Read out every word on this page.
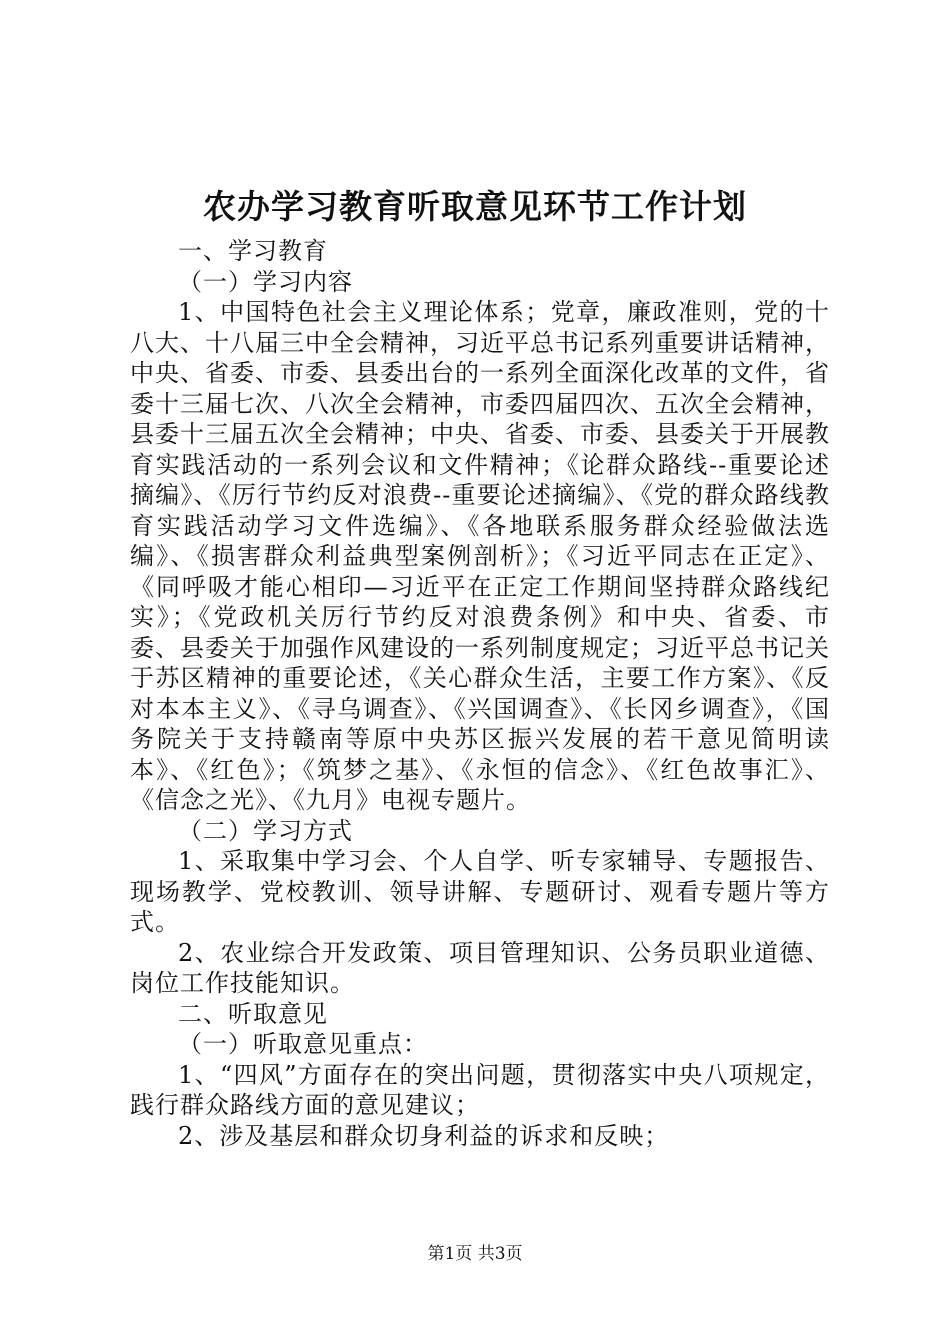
农办学习教育听取意见环节工作计划

一、学习教育

（一）学习内容

1、中国特色社会主义理论体系；党章，廉政准则，党的十八大、十八届三中全会精神，习近平总书记系列重要讲话精神，中央、省委、市委、县委出台的一系列全面深化改革的文件，省委十三届七次、八次全会精神，市委四届四次、五次全会精神，县委十三届五次全会精神；中央、省委、市委、县委关于开展教育实践活动的一系列会议和文件精神；《论群众路线--重要论述摘编》、《厉行节约反对浪费--重要论述摘编》、《党的群众路线教育实践活动学习文件选编》、《各地联系服务群众经验做法选编》、《损害群众利益典型案例剖析》；《习近平同志在正定》、《同呼吸才能心相印—习近平在正定工作期间坚持群众路线纪实》；《党政机关厉行节约反对浪费条例》和中央、省委、市委、县委关于加强作风建设的一系列制度规定；习近平总书记关于苏区精神的重要论述，《关心群众生活，主要工作方案》、《反对本本主义》、《寻乌调查》、《兴国调查》、《长冈乡调查》，《国务院关于支持赣南等原中央苏区振兴发展的若干意见简明读本》、《红色》；《筑梦之基》、《永恒的信念》、《红色故事汇》、《信念之光》、《九月》电视专题片。

（二）学习方式

1、采取集中学习会、个人自学、听专家辅导、专题报告、现场教学、党校教训、领导讲解、专题研讨、观看专题片等方式。

2、农业综合开发政策、项目管理知识、公务员职业道德、岗位工作技能知识。

二、听取意见

（一）听取意见重点：

1、“四风”方面存在的突出问题，贯彻落实中央八项规定，践行群众路线方面的意见建议；

2、涉及基层和群众切身利益的诉求和反映；

第1页 共3页
